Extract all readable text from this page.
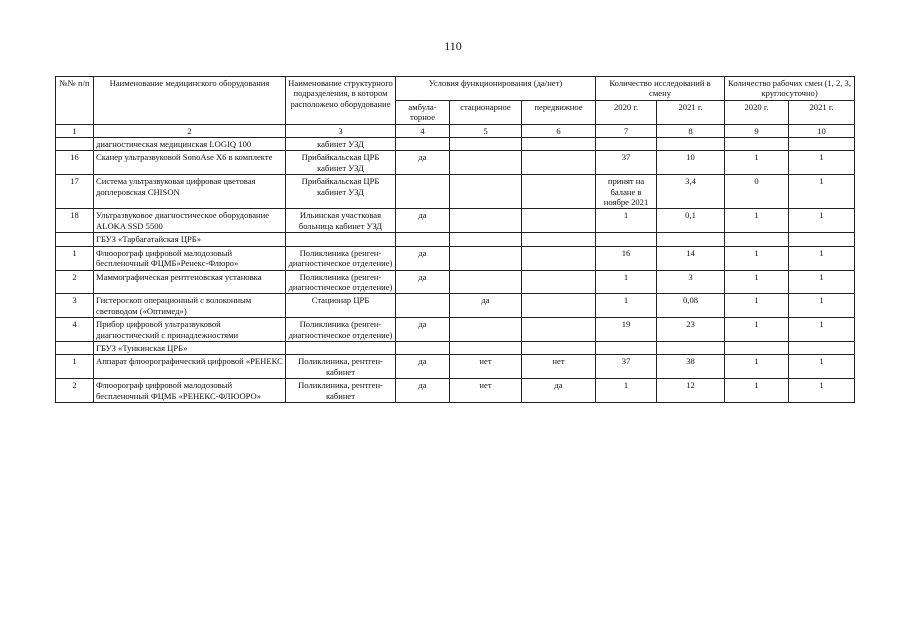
110
№№ п/п	Наименование медицинского оборудования	Наименование структурного подразделения, в котором расположено оборудование	Условия функционирования (да/нет)			Количество исследований в смену		Количество рабочих смен (1, 2, 3, круглосуточно)	
			амбула-торное	стационарное	передвижное	2020 г.	2021 г.	2020 г.	2021 г.
1	2	3	4	5	6	7	8	9	10
	диагностическая медицинская LOGIQ 100	кабинет УЗД							
16	Сканер ультразвуковой SonoAse X6 в комплекте	Прибайкальская ЦРБ кабинет УЗД	да			37	10	1	1
17	Система ультразвуковая цифровая цветовая доплеровская CHISON	Прибайкальская ЦРБ кабинет УЗД				принят на балане в ноябре 2021	3,4	0	1
18	Ультразвуковое диагностическое оборудование ALOKA SSD 5500	Ильинская участковая больница кабинет УЗД	да			1	0,1	1	1
	ГБУЗ «Тарбагатайская ЦРБ»								
1	Флюорограф цифровой малодозовый беспленочный ФЦМБ»Ренекс-Флюро»	Поликлиника (ренген-диагностическое отделение)	да			16	14	1	1
2	Маммографическая рентгеновская установка	Поликлиника (ренген-диагностическое отделение)	да			1	3	1	1
3	Гистероскоп операционный с волоконным световодом («Оптимед»)	Стационар ЦРБ		да		1	0,08	1	1
4	Прибор цифровой ультразвуковой диагностический с принадлежностями	Поликлиника (ренген-диагностическое отделение)	да			19	23	1	1
	ГБУЗ «Тункинская ЦРБ»								
1	Аппарат флюорографический цифровой «РЕНЕКС	Поликлиника, рентген-кабинет	да	нет	нет	37	38	1	1
2	Флюорограф цифровой малодозовый беспленочный ФЦМБ «РЕНЕКС-ФЛЮОРО»	Поликлиника, рентген-кабинет	да	нет	да	1	12	1	1
